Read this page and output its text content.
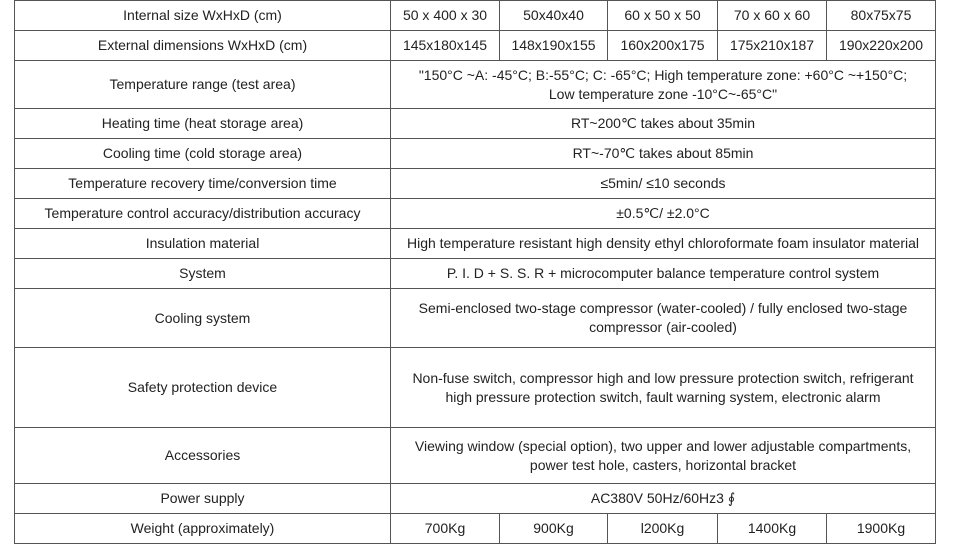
Internal size WxHxD (cm)	50 x 400 x 30	50x40x40	60 x 50 x 50	70 x 60 x 60	80x75x75
External dimensions WxHxD (cm)	145x180x145	148x190x155	160x200x175	175x210x187	190x220x200
Temperature range (test area)	"150°C ~A: -45°C; B:-55°C; C: -65°C; High temperature zone: +60°C ~+150°C;
Low temperature zone -10°C~-65°C"				

Heating time (heat storage area)	RT~200℃ takes about 35min				
Cooling time (cold storage area)	RT~-70℃ takes about 85min				
Temperature recovery time/conversion time	≤5min/ ≤10 seconds				
Temperature control accuracy/distribution accuracy	±0.5℃/ ±2.0°C				
Insulation material	High temperature resistant high density ethyl chloroformate foam insulator material				
System	P. I. D + S. S. R + microcomputer balance temperature control system				
Cooling system	Semi-enclosed two-stage compressor (water-cooled) / fully enclosed two-stage
compressor (air-cooled)				

Safety protection device	Non-fuse switch, compressor high and low pressure protection switch, refrigerant
high pressure protection switch, fault warning system, electronic alarm				

Accessories	Viewing window (special option), two upper and lower adjustable compartments,
power test hole, casters, horizontal bracket				

Power supply	AC380V 50Hz/60Hz3 ∮				
Weight (approximately)	700Kg	900Kg	l200Kg	1400Kg	1900Kg
